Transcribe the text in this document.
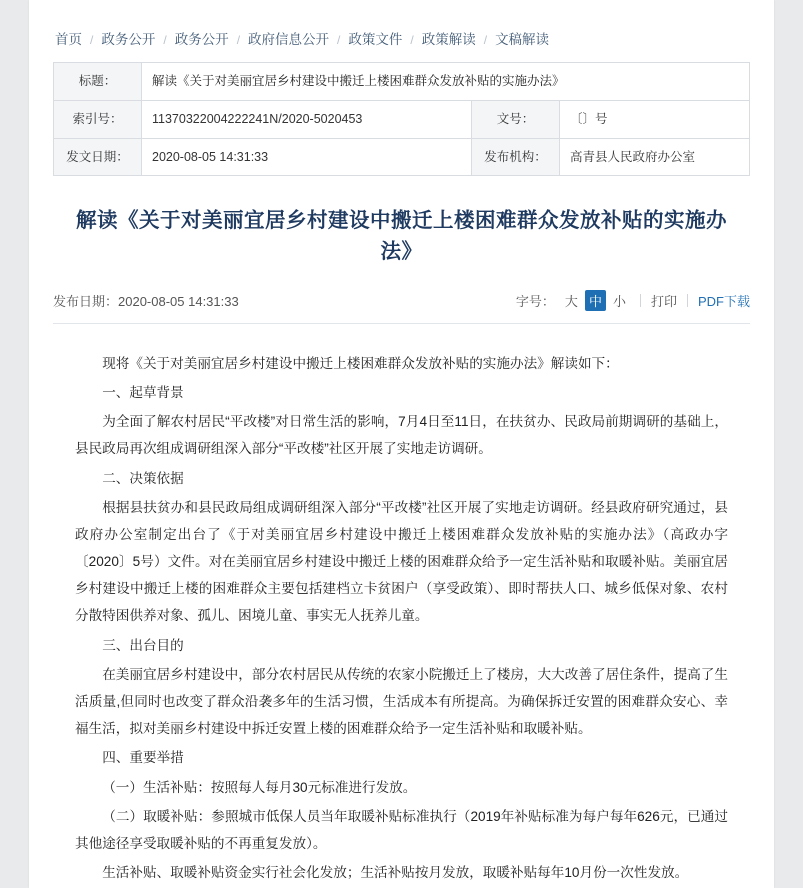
首页 / 政务公开 / 政务公开 / 政府信息公开 / 政策文件 / 政策解读 / 文稿解读
标题：	解读《关于对美丽宜居乡村建设中搬迁上楼困难群众发放补贴的实施办法》		
索引号：	11370322004222241N/2020-5020453	文号：	〔〕号
发文日期：	2020-08-05 14:31:33	发布机构：	高青县人民政府办公室
解读《关于对美丽宜居乡村建设中搬迁上楼困难群众发放补贴的实施办法》
发布日期：2020-08-05 14:31:33	字号： 大 中 小	打印 PDF下载

现将《关于对美丽宜居乡村建设中搬迁上楼困难群众发放补贴的实施办法》解读如下：

一、起草背景

为全面了解农村居民“平改楼”对日常生活的影响，7月4日至11日，在扶贫办、民政局前期调研的基础上，县民政局再次组成调研组深入部分“平改楼”社区开展了实地走访调研。

二、决策依据

根据县扶贫办和县民政局组成调研组深入部分“平改楼”社区开展了实地走访调研。经县政府研究通过，县政府办公室制定出台了《于对美丽宜居乡村建设中搬迁上楼困难群众发放补贴的实施办法》（高政办字〔2020〕5号）文件。对在美丽宜居乡村建设中搬迁上楼的困难群众给予一定生活补贴和取暖补贴。美丽宜居乡村建设中搬迁上楼的困难群众主要包括建档立卡贫困户（享受政策）、即时帮扶人口、城乡低保对象、农村分散特困供养对象、孤儿、困境儿童、事实无人抚养儿童。

三、出台目的

在美丽宜居乡村建设中，部分农村居民从传统的农家小院搬迁上了楼房，大大改善了居住条件，提高了生活质量,但同时也改变了群众沿袭多年的生活习惯，生活成本有所提高。为确保拆迁安置的困难群众安心、幸福生活，拟对美丽乡村建设中拆迁安置上楼的困难群众给予一定生活补贴和取暖补贴。

四、重要举措

（一）生活补贴：按照每人每月30元标准进行发放。

（二）取暖补贴：参照城市低保人员当年取暖补贴标准执行（2019年补贴标准为每户每年626元，已通过其他途径享受取暖补贴的不再重复发放）。

生活补贴、取暖补贴资金实行社会化发放；生活补贴按月发放，取暖补贴每年10月份一次性发放。
